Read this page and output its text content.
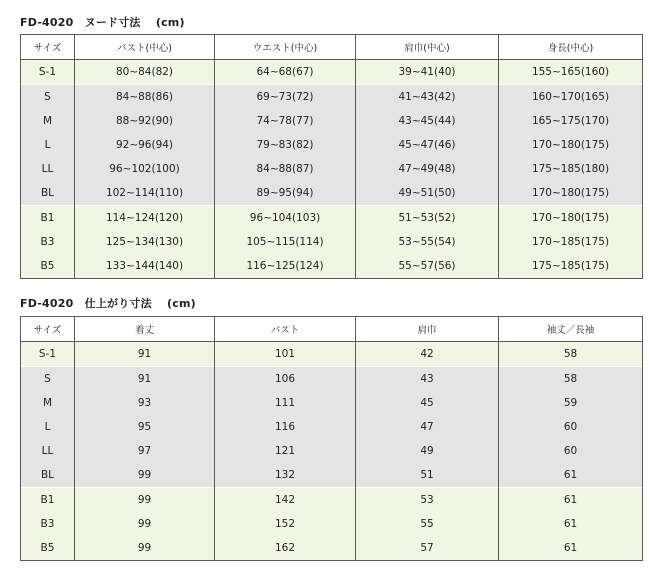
FD-4020　ヌード寸法　 (cm)
サイズ	バスト(中心)	ウエスト(中心)	肩巾(中心)	身長(中心)
S-1	80~84(82)	64~68(67)	39~41(40)	155~165(160)
S	84~88(86)	69~73(72)	41~43(42)	160~170(165)
M	88~92(90)	74~78(77)	43~45(44)	165~175(170)
L	92~96(94)	79~83(82)	45~47(46)	170~180(175)
LL	96~102(100)	84~88(87)	47~49(48)	175~185(180)
BL	102~114(110)	89~95(94)	49~51(50)	170~180(175)
B1	114~124(120)	96~104(103)	51~53(52)	170~180(175)
B3	125~134(130)	105~115(114)	53~55(54)	170~185(175)
B5	133~144(140)	116~125(124)	55~57(56)	175~185(175)
FD-4020　仕上がり寸法　 (cm)
サイズ	着丈	バスト	肩巾	袖丈／長袖
S-1	91	101	42	58
S	91	106	43	58
M	93	111	45	59
L	95	116	47	60
LL	97	121	49	60
BL	99	132	51	61
B1	99	142	53	61
B3	99	152	55	61
B5	99	162	57	61
